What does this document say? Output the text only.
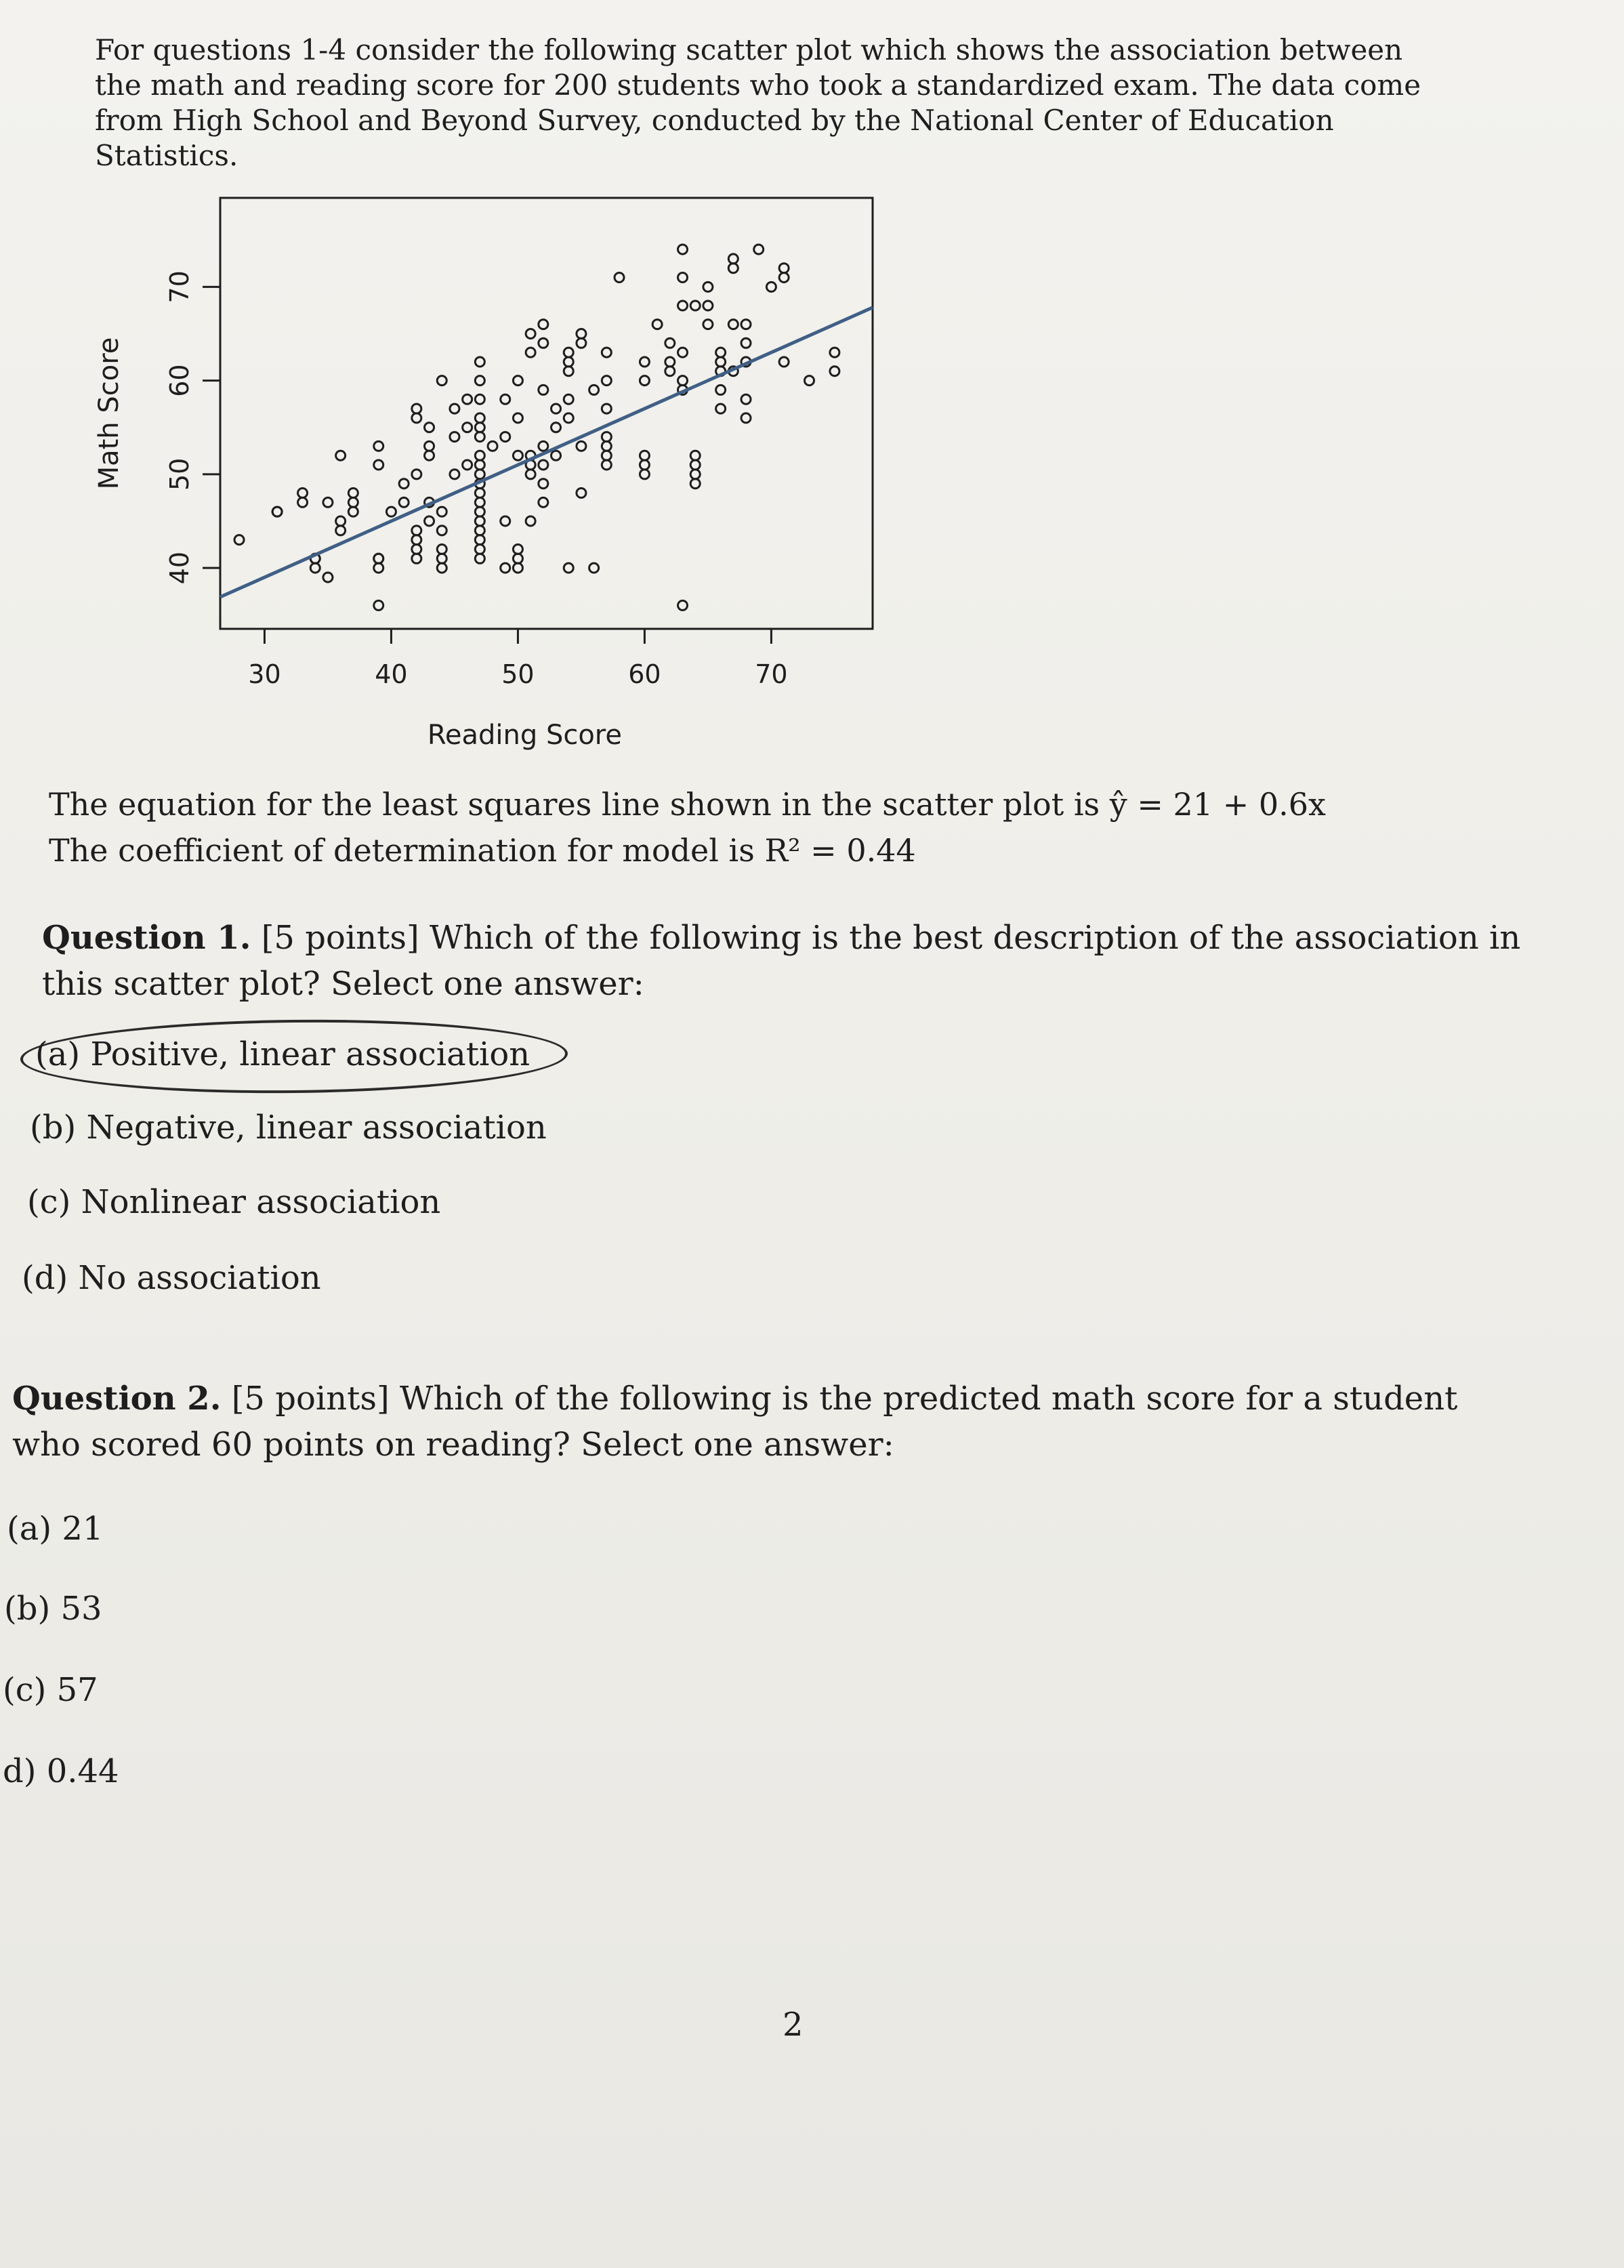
For questions 1-4 consider the following scatter plot which shows the association between the math and reading score for 200 students who took a standardized exam. The data come from High School and Beyond Survey, conducted by the National Center of Education Statistics.

30	40	50	60	70
40
50
60
70
Reading Score
Math Score

The equation for the least squares line shown in the scatter plot is ŷ = 21 + 0.6x

The coefficient of determination for model is R² = 0.44

Question 1. [5 points] Which of the following is the best description of the association in this scatter plot? Select one answer:

(a) Positive, linear association

(b) Negative, linear association

(c) Nonlinear association

(d) No association

Question 2. [5 points] Which of the following is the predicted math score for a student who scored 60 points on reading? Select one answer:

(a) 21

(b) 53

(c) 57

d) 0.44

2
